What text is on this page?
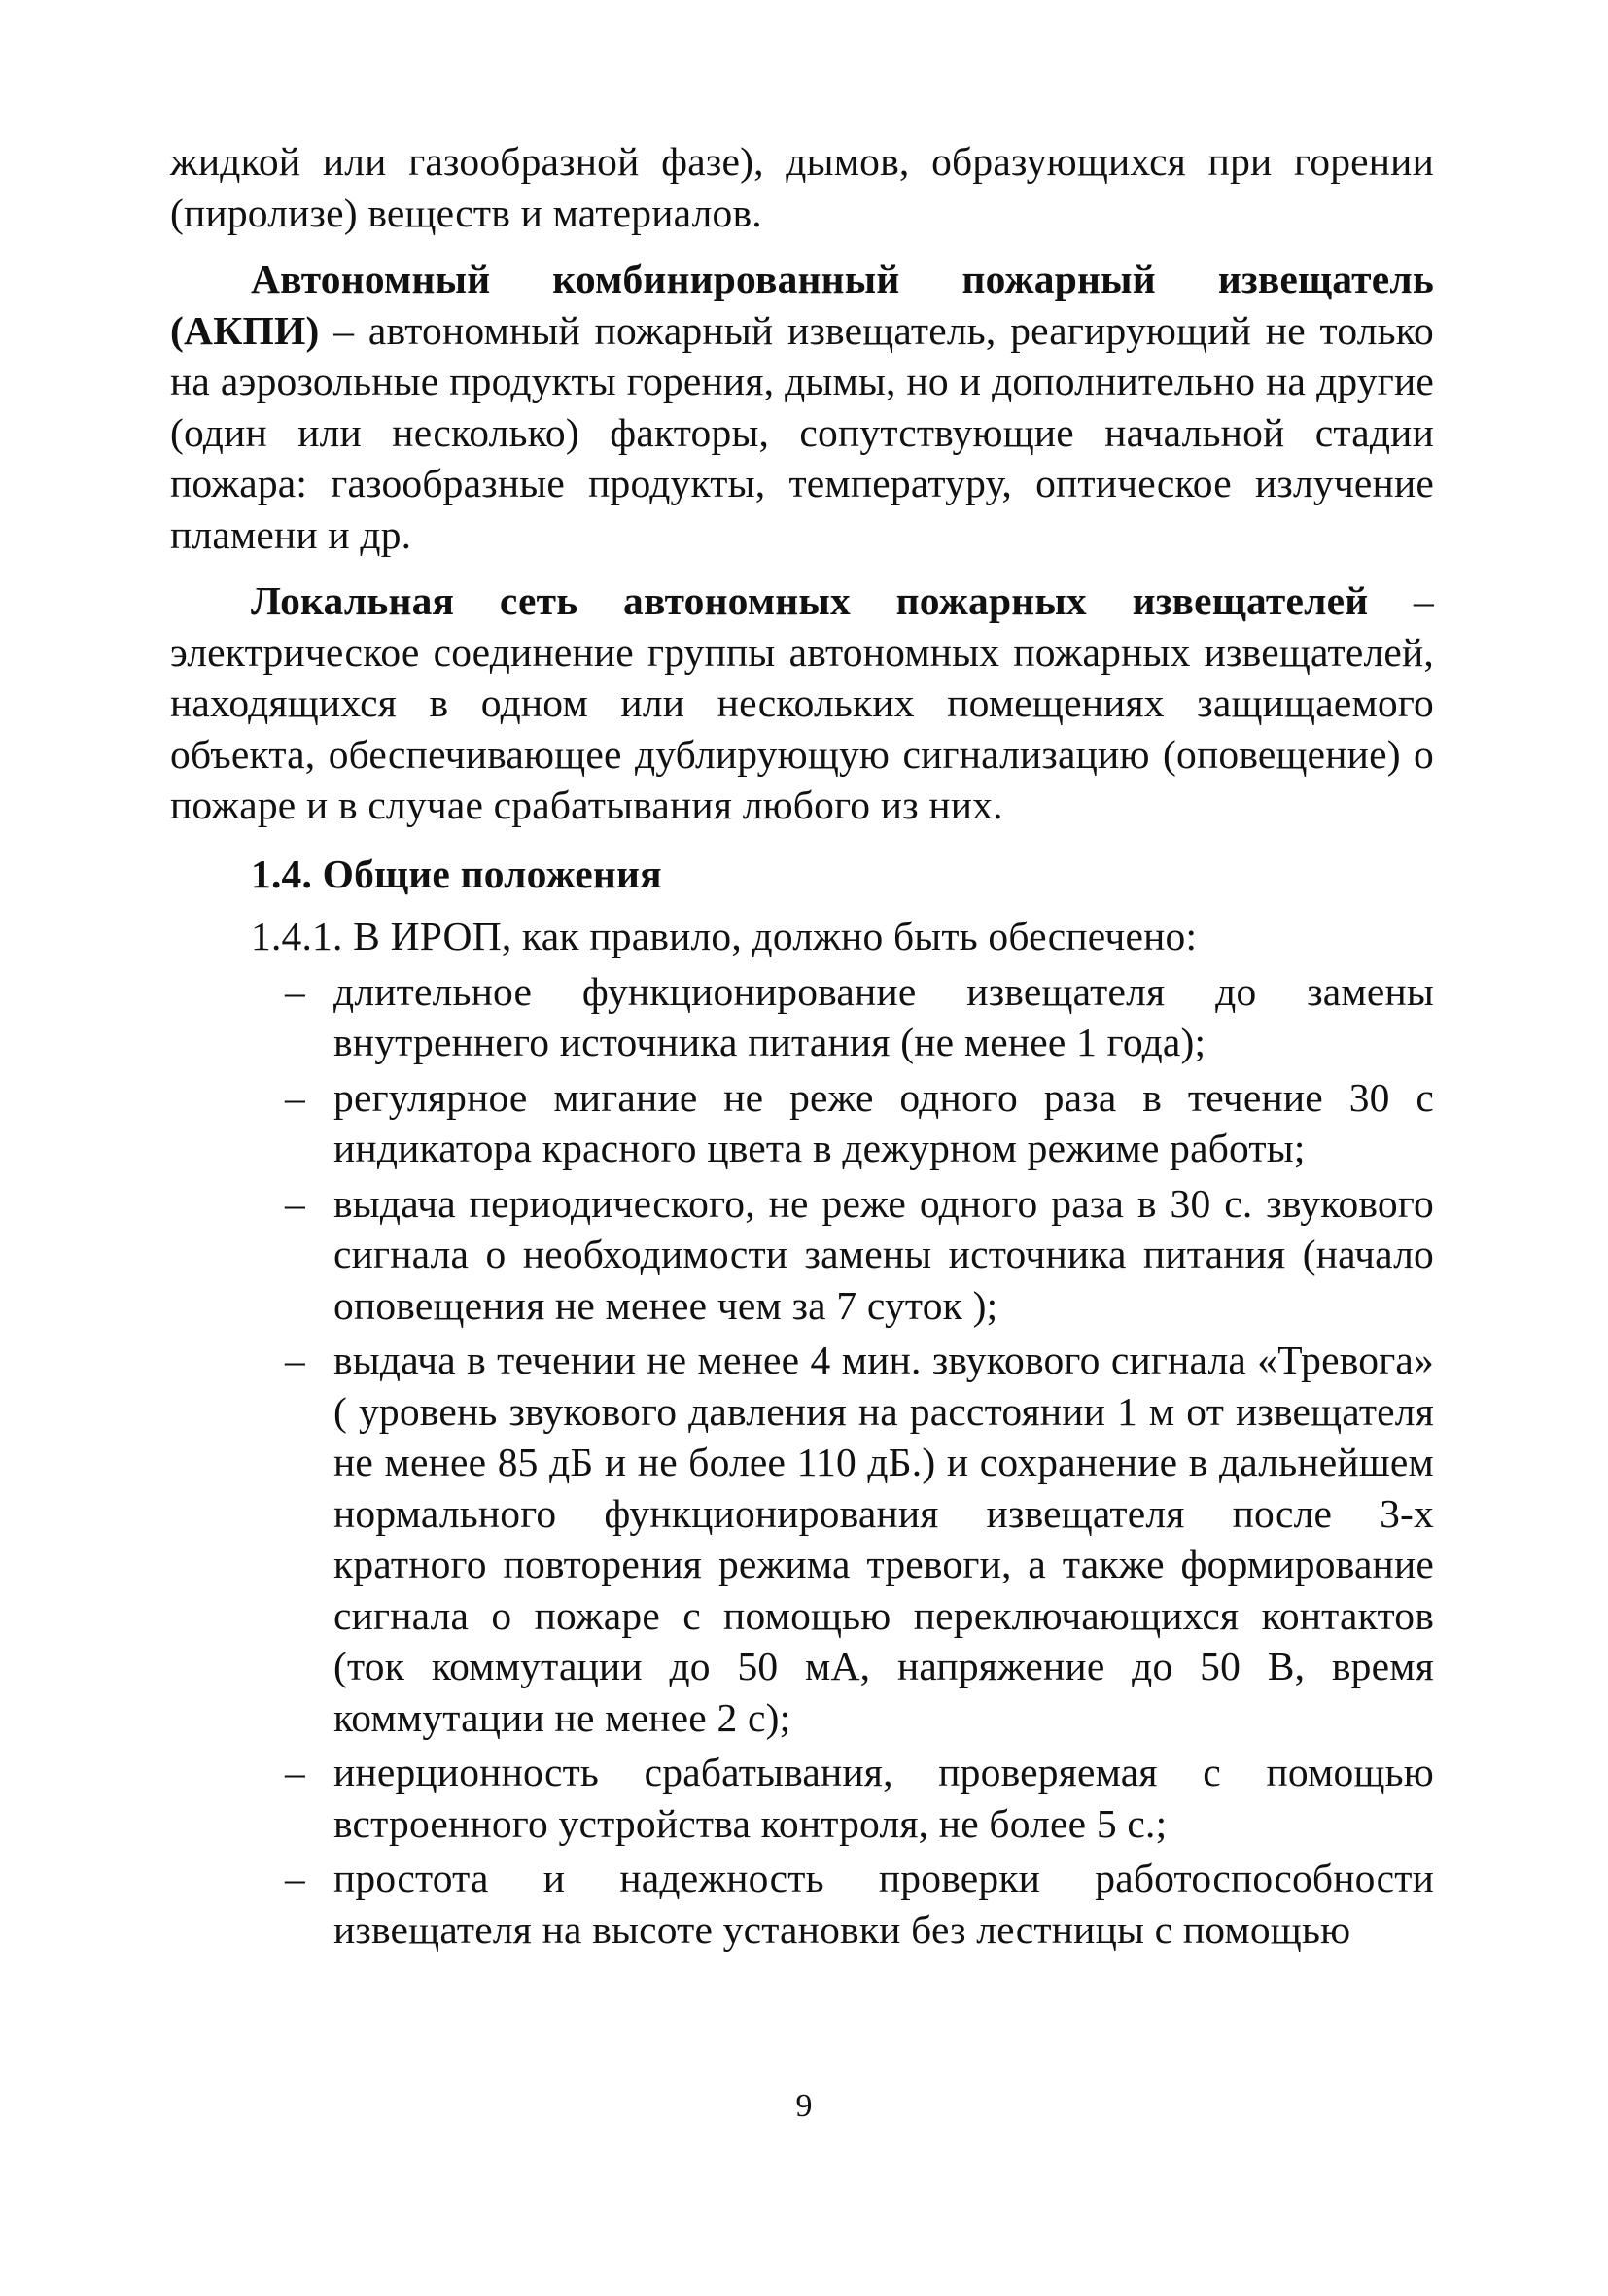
жидкой или газообразной фазе), дымов, образующихся при горении (пиролизе) веществ и материалов.

Автономный комбинированный пожарный извещатель (АКПИ) – автономный пожарный извещатель, реагирующий не только на аэрозольные продукты горения, дымы, но и дополнительно на другие (один или несколько) факторы, сопутствующие начальной стадии пожара: газообразные продукты, температуру, оптическое излучение пламени и др.

Локальная сеть автономных пожарных извещателей – электрическое соединение группы автономных пожарных извещателей, находящихся в одном или нескольких помещениях защищаемого объекта, обеспечивающее дублирующую сигнализацию (оповещение) о пожаре и в случае срабатывания любого из них.

1.4. Общие положения

1.4.1. В ИРОП, как правило, должно быть обеспечено:

– длительное функционирование извещателя до замены внутреннего источника питания (не менее 1 года);
– регулярное мигание не реже одного раза в течение 30 с индикатора красного цвета в дежурном режиме работы;
– выдача периодического, не реже одного раза в 30 с. звукового сигнала о необходимости замены источника питания (начало оповещения не менее чем за 7 суток );
– выдача в течении не менее 4 мин. звукового сигнала «Тревога» ( уровень звукового давления на расстоянии 1 м от извещателя не менее 85 дБ и не более 110 дБ.) и сохранение в дальнейшем нормального функционирования извещателя после 3-х кратного повторения режима тревоги, а также формирование сигнала о пожаре с помощью переключающихся контактов (ток коммутации до 50 мА, напряжение до 50 В, время коммутации не менее 2 с);
– инерционность срабатывания, проверяемая с помощью встроенного устройства контроля, не более 5 с.;
– простота и надежность проверки работоспособности извещателя на высоте установки без лестницы с помощью
9
